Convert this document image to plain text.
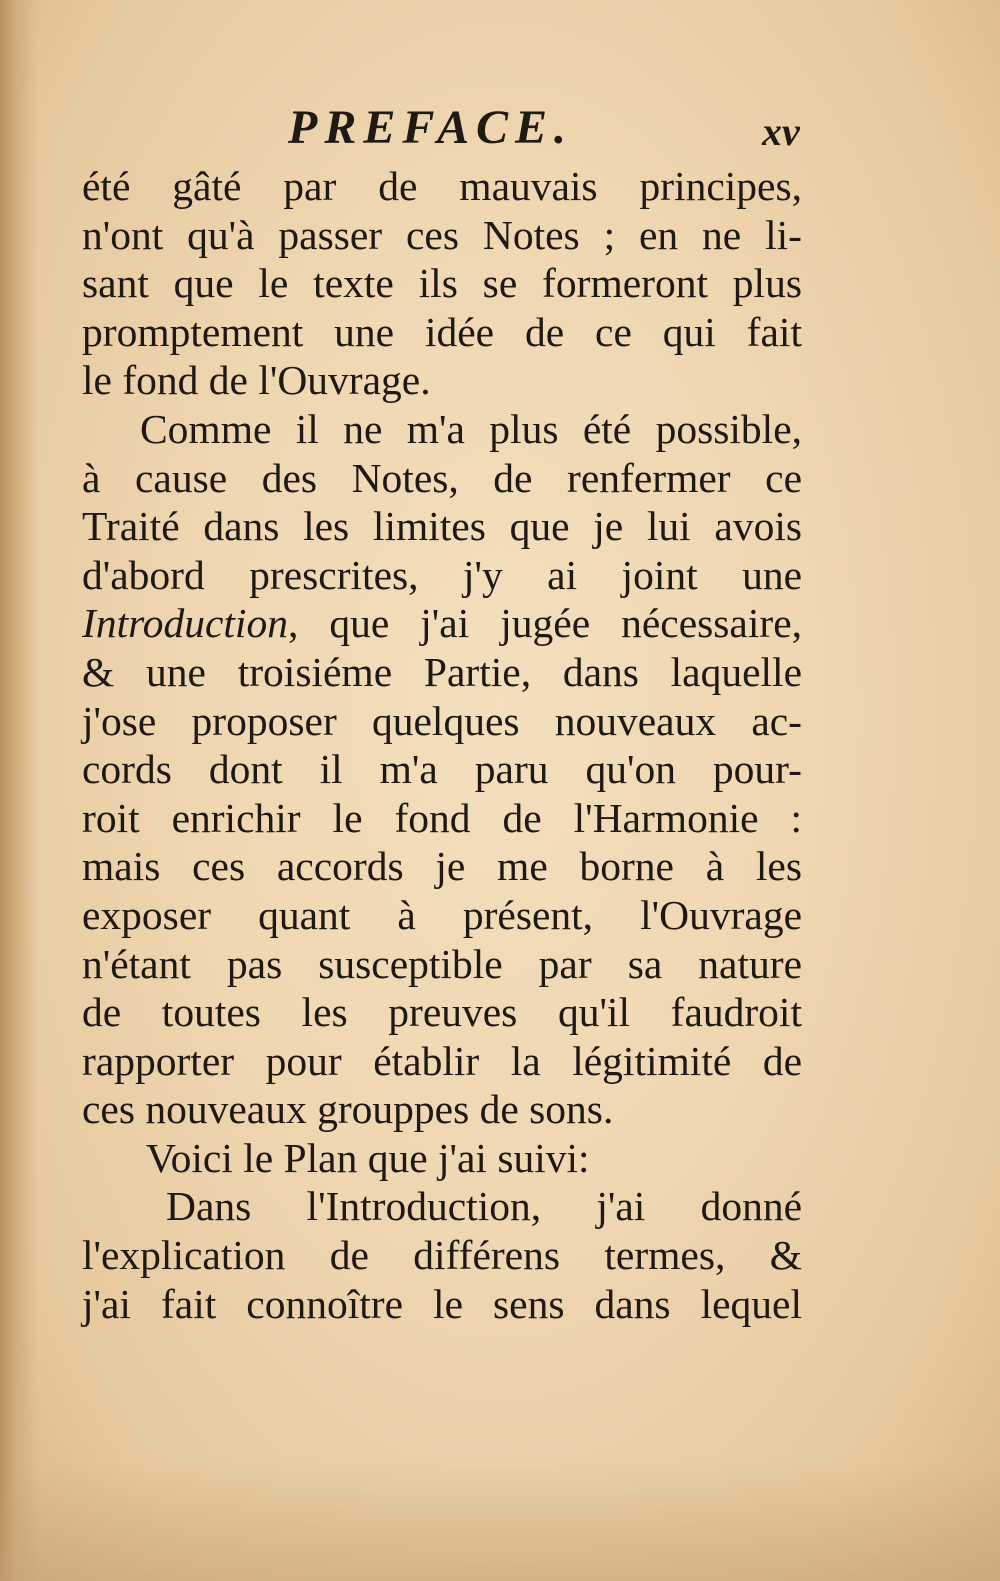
PREFACE.	xv
été gâté par de mauvais principes,
n'ont qu'à passer ces Notes ; en ne li-
sant que le texte ils se formeront plus
promptement une idée de ce qui fait
le fond de l'Ouvrage.
Comme il ne m'a plus été possible,
à cause des Notes, de renfermer ce
Traité dans les limites que je lui avois
d'abord prescrites, j'y ai joint une
Introduction, que j'ai jugée nécessaire,
& une troisiéme Partie, dans laquelle
j'ose proposer quelques nouveaux ac-
cords dont il m'a paru qu'on pour-
roit enrichir le fond de l'Harmonie :
mais ces accords je me borne à les
exposer quant à présent, l'Ouvrage
n'étant pas susceptible par sa nature
de toutes les preuves qu'il faudroit
rapporter pour établir la légitimité de
ces nouveaux grouppes de sons.
Voici le Plan que j'ai suivi:
Dans l'Introduction, j'ai donné
l'explication de différens termes, &
j'ai fait connoître le sens dans lequel
